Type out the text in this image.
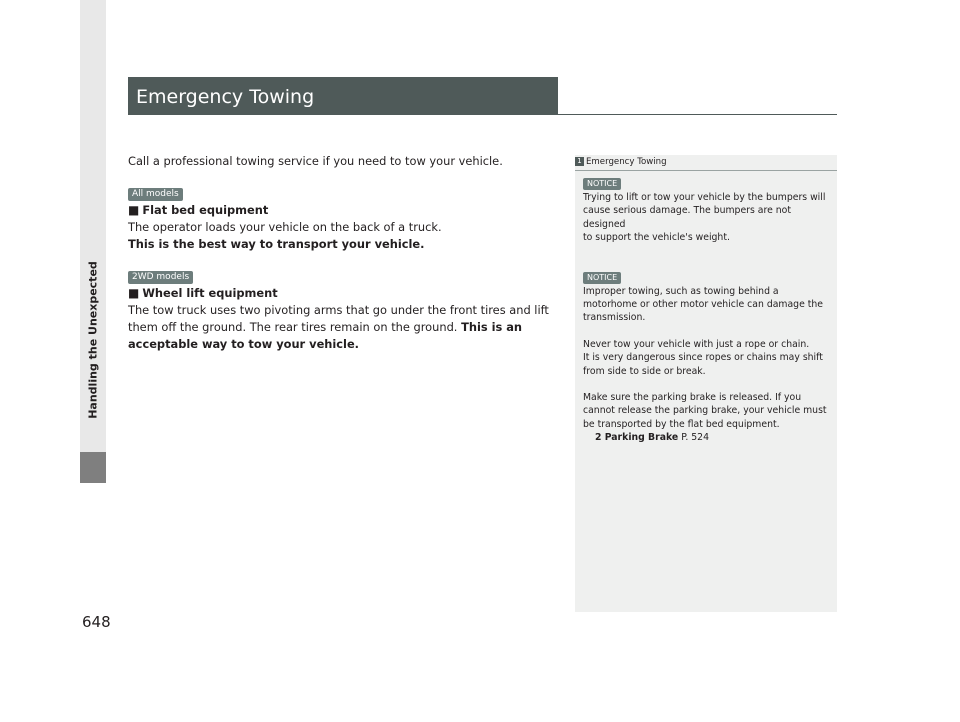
Handling the Unexpected
648
Emergency Towing

Call a professional towing service if you need to tow your vehicle.

All models

■ Flat bed equipment

The operator loads your vehicle on the back of a truck.

This is the best way to transport your vehicle.

2WD models

■ Wheel lift equipment

The tow truck uses two pivoting arms that go under the front tires and lift them off the ground. The rear tires remain on the ground. This is an acceptable way to tow your vehicle.

1 Emergency Towing
NOTICE

Trying to lift or tow your vehicle by the bumpers will

cause serious damage. The bumpers are not designed

to support the vehicle's weight.

NOTICE

Improper towing, such as towing behind a

motorhome or other motor vehicle can damage the

transmission.

Never tow your vehicle with just a rope or chain.

It is very dangerous since ropes or chains may shift

from side to side or break.

Make sure the parking brake is released. If you

cannot release the parking brake, your vehicle must

be transported by the flat bed equipment.

2 Parking Brake P. 524
